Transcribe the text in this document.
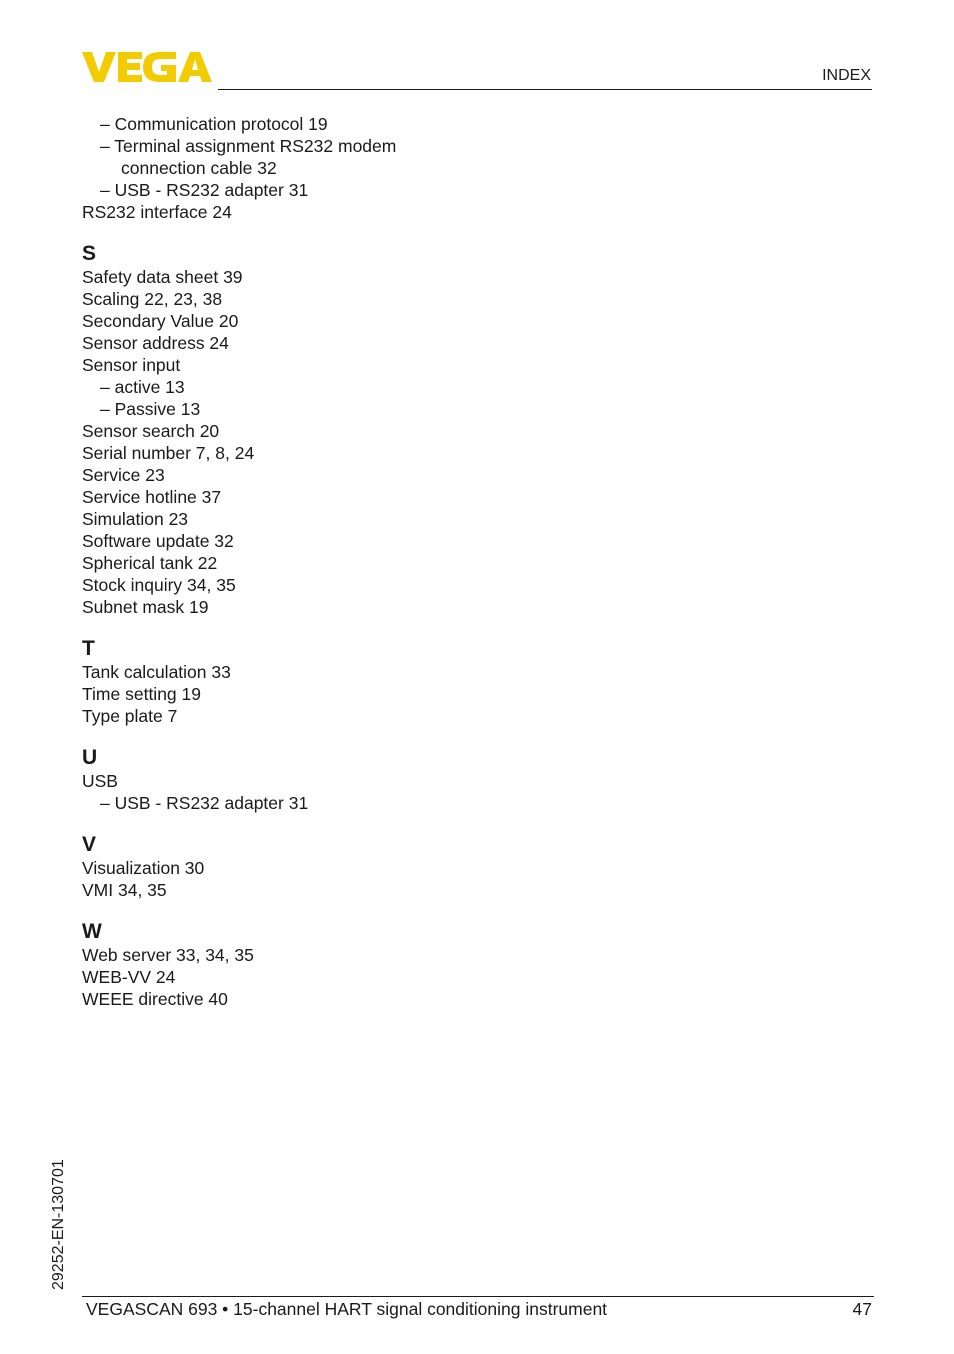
INDEX
– Communication protocol 19
– Terminal assignment RS232 modem
connection cable 32
– USB - RS232 adapter 31
RS232 interface 24
S
Safety data sheet 39
Scaling 22, 23, 38
Secondary Value 20
Sensor address 24
Sensor input
– active 13
– Passive 13
Sensor search 20
Serial number 7, 8, 24
Service 23
Service hotline 37
Simulation 23
Software update 32
Spherical tank 22
Stock inquiry 34, 35
Subnet mask 19
T
Tank calculation 33
Time setting 19
Type plate 7
U
USB
– USB - RS232 adapter 31
V
Visualization 30
VMI 34, 35
W
Web server 33, 34, 35
WEB-VV 24
WEEE directive 40
29252-EN-130701
VEGASCAN 693 • 15-channel HART signal conditioning instrument	47
